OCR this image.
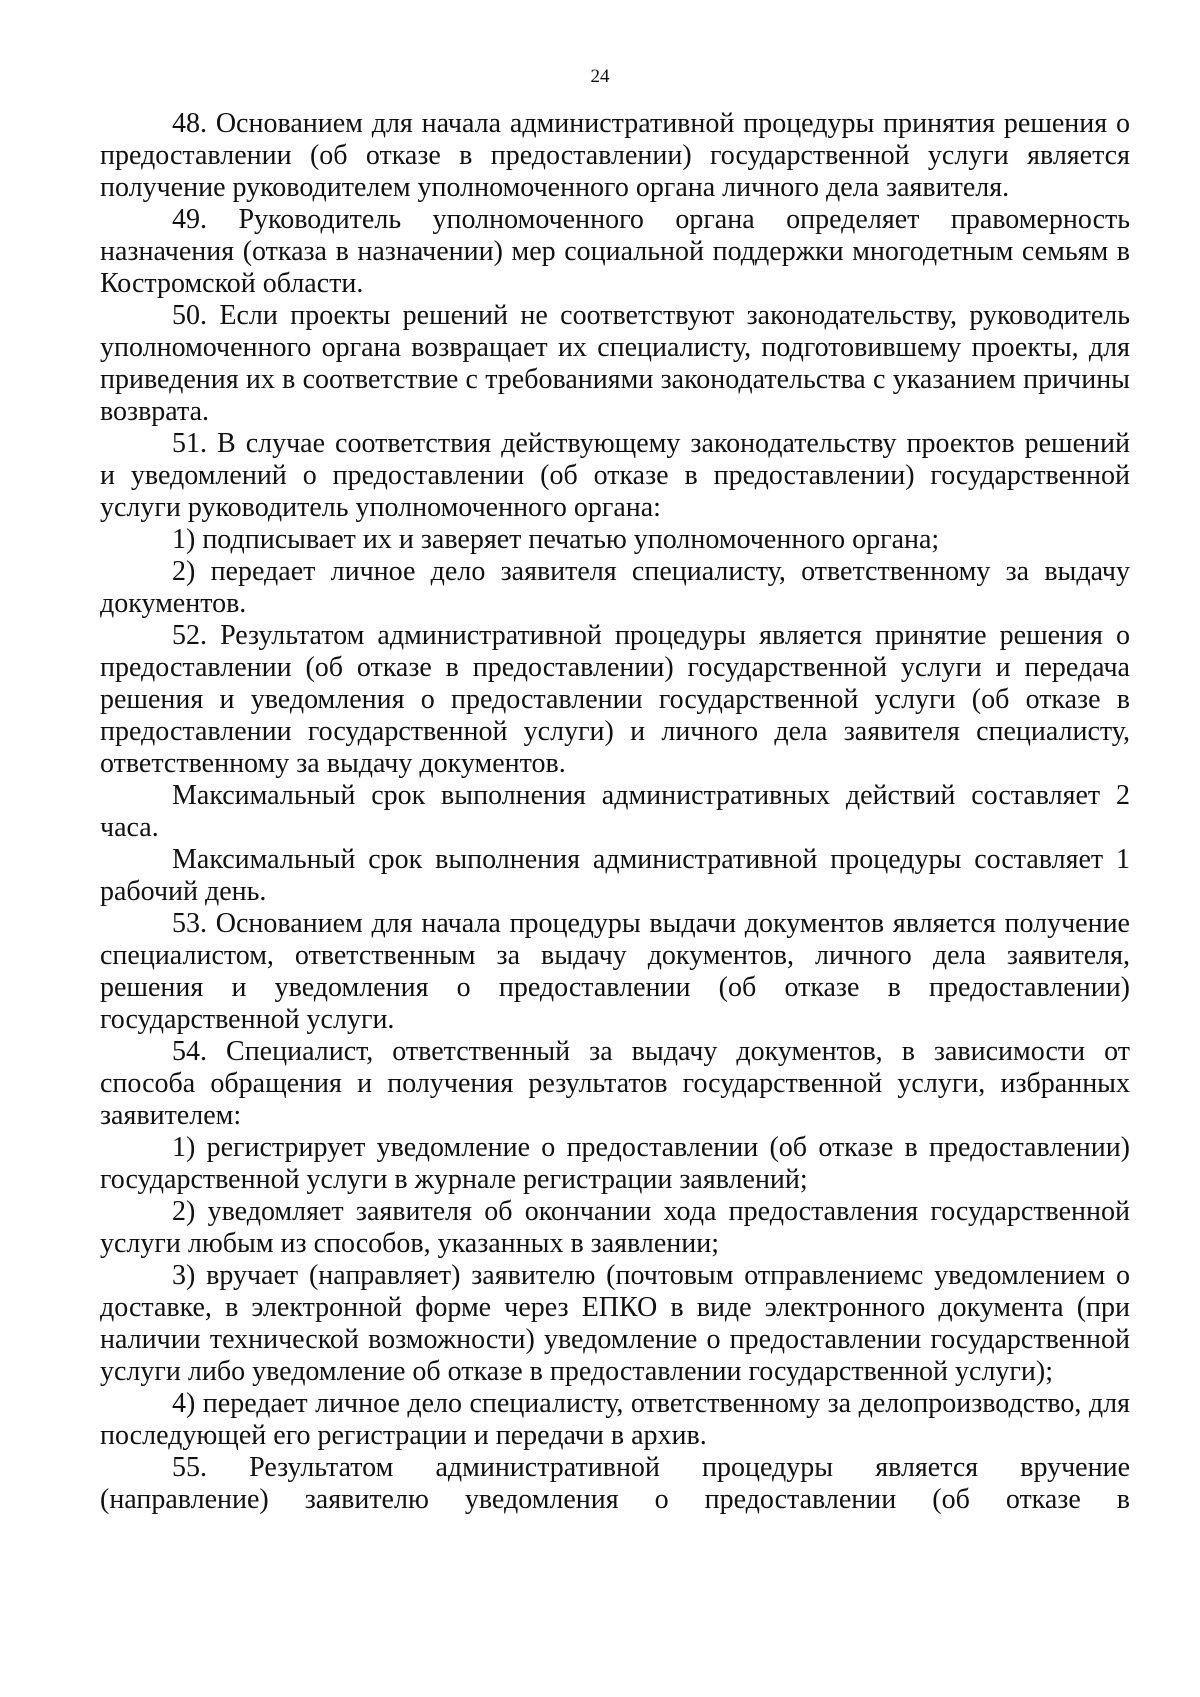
24

48. Основанием для начала административной процедуры принятия решения о предоставлении (об отказе в предоставлении) государственной услуги является получение руководителем уполномоченного органа личного дела заявителя.

49. Руководитель уполномоченного органа определяет правомерность назначения (отказа в назначении) мер социальной поддержки многодетным семьям в Костромской области.

50. Если проекты решений не соответствуют законодательству, руководитель уполномоченного органа возвращает их специалисту, подготовившему проекты, для приведения их в соответствие с требованиями законодательства с указанием причины возврата.

51. В случае соответствия действующему законодательству проектов решений и уведомлений о предоставлении (об отказе в предоставлении) государственной услуги руководитель уполномоченного органа:

1) подписывает их и заверяет печатью уполномоченного органа;

2) передает личное дело заявителя специалисту, ответственному за выдачу документов.

52. Результатом административной процедуры является принятие решения о предоставлении (об отказе в предоставлении) государственной услуги и передача решения и уведомления о предоставлении государственной услуги (об отказе в предоставлении государственной услуги) и личного дела заявителя специалисту, ответственному за выдачу документов.

Максимальный срок выполнения административных действий составляет 2 часа.

Максимальный срок выполнения административной процедуры составляет 1 рабочий день.

53. Основанием для начала процедуры выдачи документов является получение специалистом, ответственным за выдачу документов, личного дела заявителя, решения и уведомления о предоставлении (об отказе в предоставлении) государственной услуги.

54. Специалист, ответственный за выдачу документов, в зависимости от способа обращения и получения результатов государственной услуги, избранных заявителем:

1) регистрирует уведомление о предоставлении (об отказе в предоставлении) государственной услуги в журнале регистрации заявлений;

2) уведомляет заявителя об окончании хода предоставления государственной услуги любым из способов, указанных в заявлении;

3) вручает (направляет) заявителю (почтовым отправлениемс уведомлением о доставке, в электронной форме через ЕПКО в виде электронного документа (при наличии технической возможности) уведомление о предоставлении государственной услуги либо уведомление об отказе в предоставлении государственной услуги);

4) передает личное дело специалисту, ответственному за делопроизводство, для последующей его регистрации и передачи в архив.

55. Результатом административной процедуры является вручение (направление) заявителю уведомления о предоставлении (об отказе в
